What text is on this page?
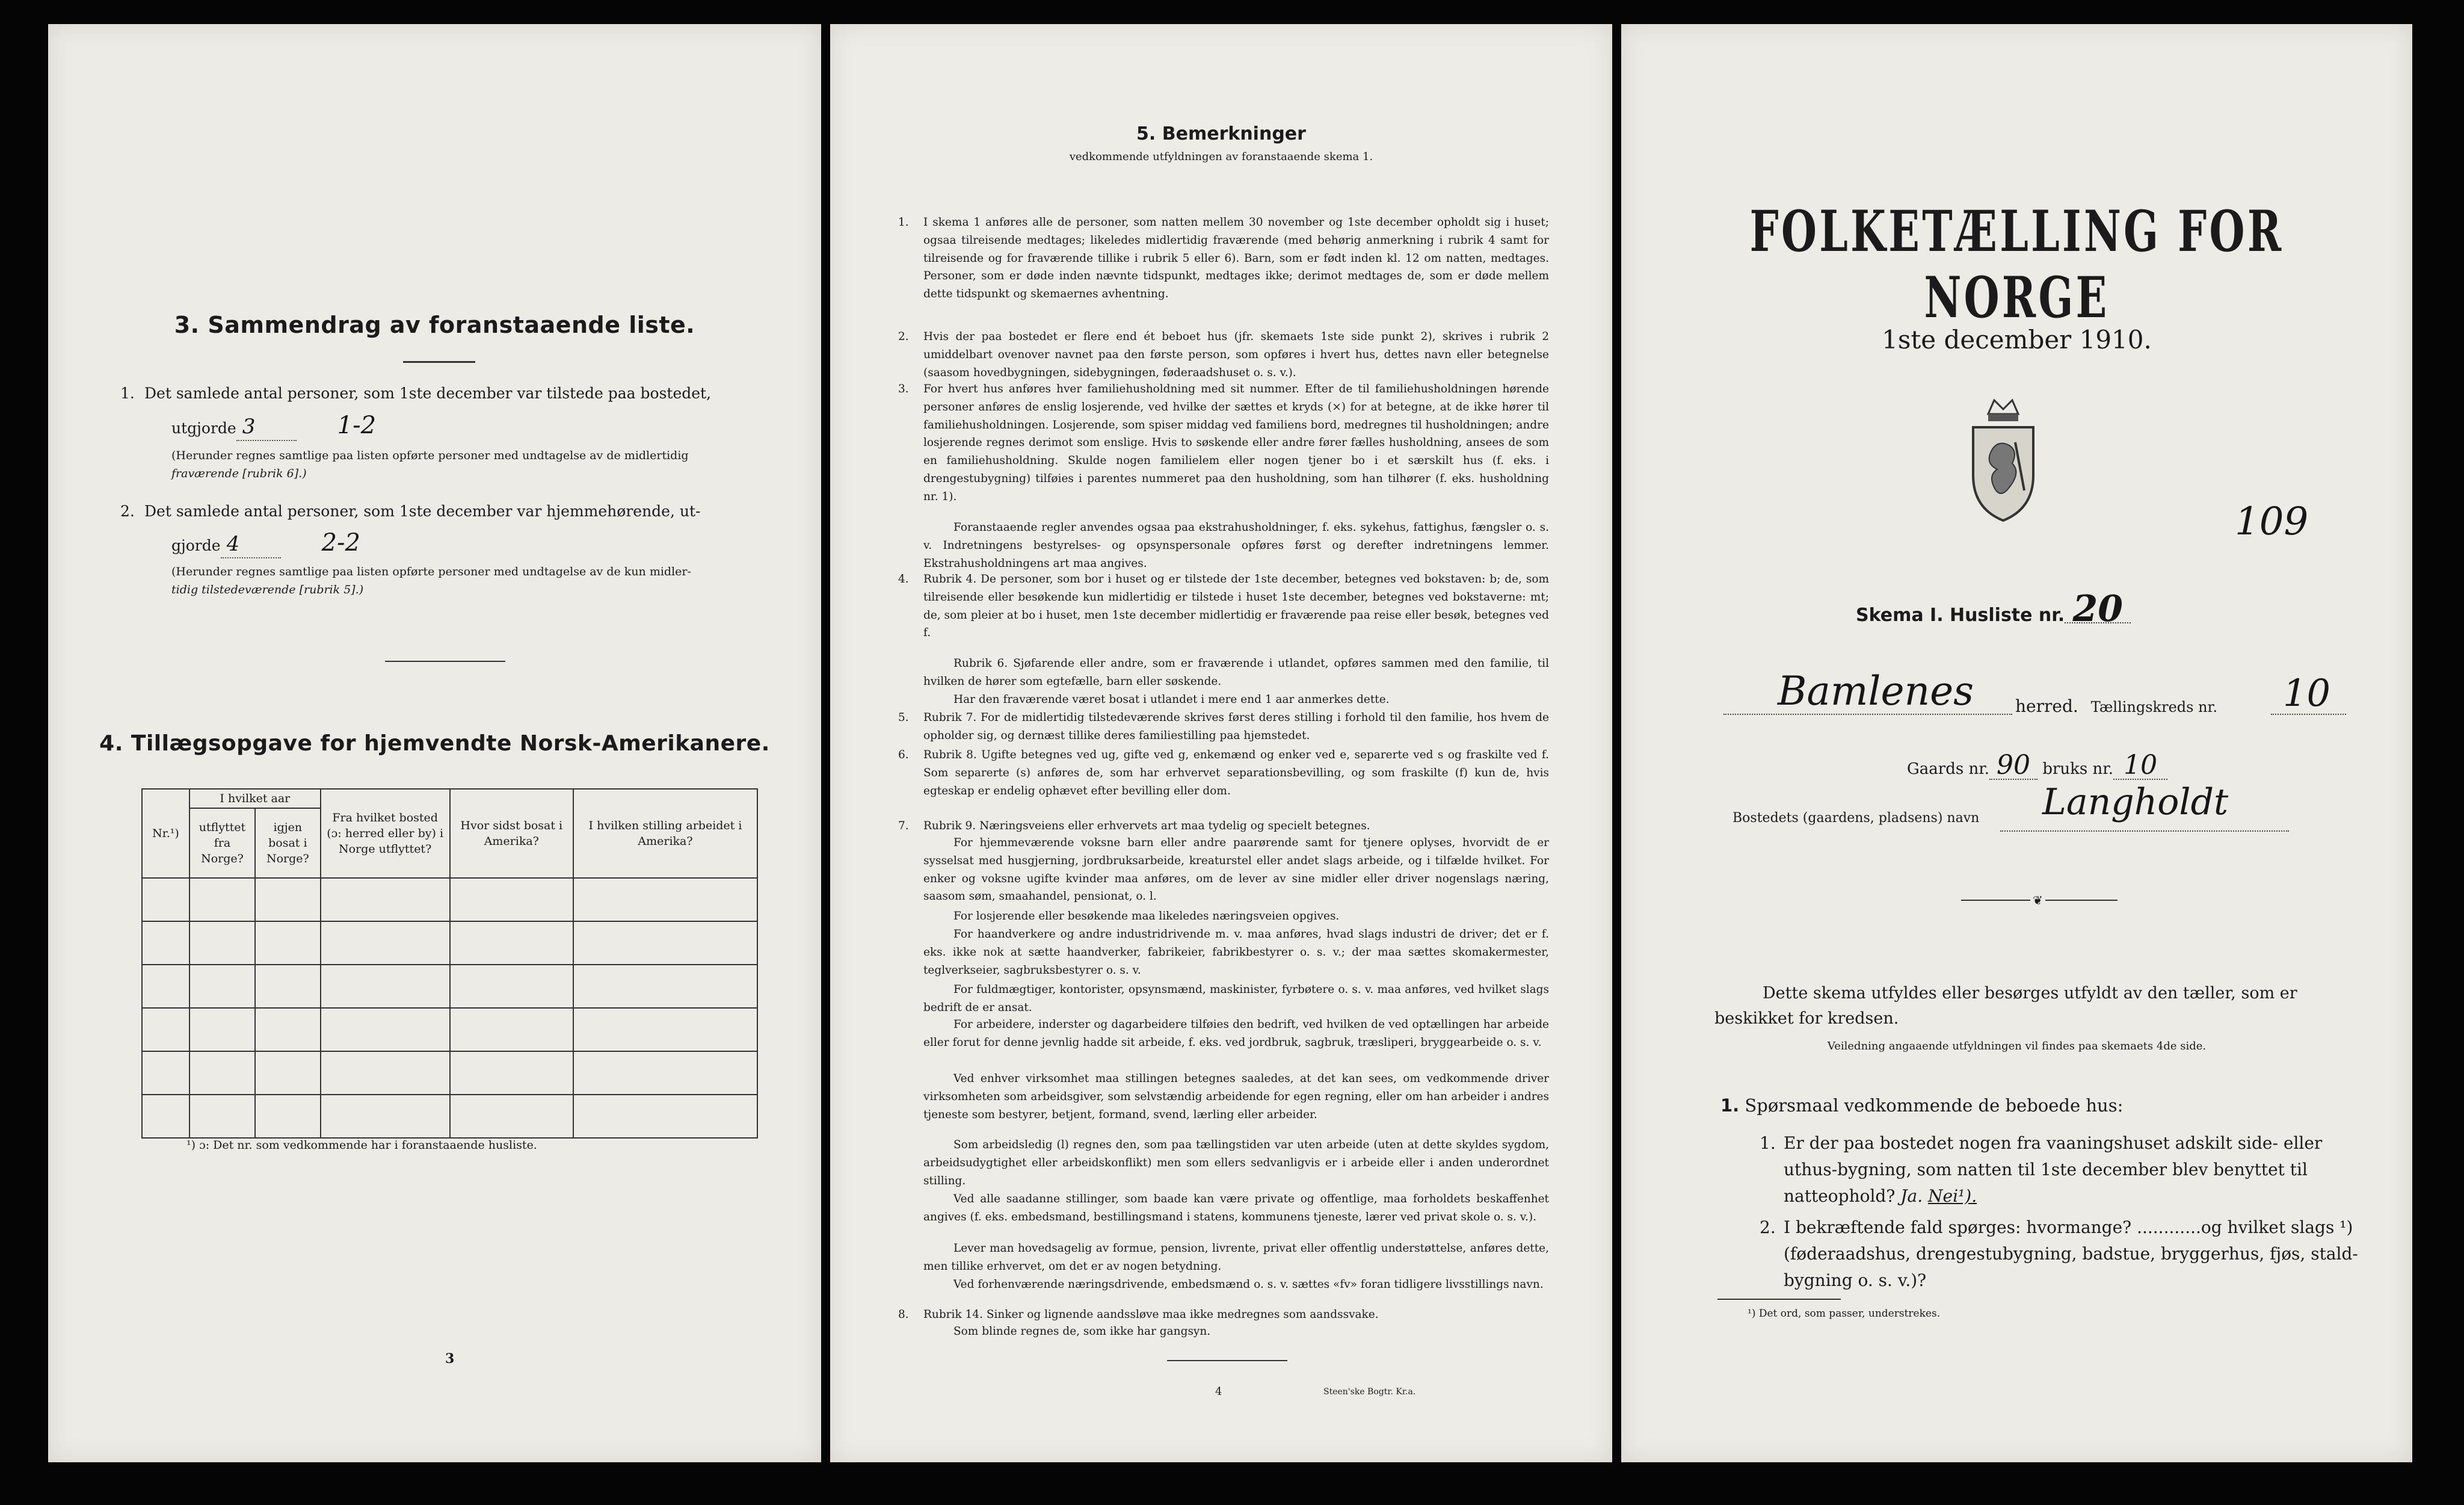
3. Sammendrag av foranstaaende liste.
1. Det samlede antal personer, som 1ste december var tilstede paa bostedet,
utgjorde 3	1-2
(Herunder regnes samtlige paa listen opførte personer med undtagelse av de midlertidig
fraværende [rubrik 6].)
2. Det samlede antal personer, som 1ste december var hjemmehørende, ut-
gjorde 4	2-2
(Herunder regnes samtlige paa listen opførte personer med undtagelse av de kun midler-
tidig tilstedeværende [rubrik 5].)
4. Tillægsopgave for hjemvendte Norsk-Amerikanere.
Nr.¹)	I hvilket aar		Fra hvilket bosted (ɔ: herred eller by) i Norge utflyttet?	Hvor sidst bosat i Amerika?	I hvilken stilling arbeidet i Amerika?
	utflyttet fra Norge?	igjen bosat i Norge?			

¹) ɔ: Det nr. som vedkommende har i foranstaaende husliste.
3
5. Bemerkninger
vedkommende utfyldningen av foranstaaende skema 1.
1. I skema 1 anføres alle de personer, som natten mellem 30 november og 1ste december opholdt sig i huset; ogsaa tilreisende medtages; likeledes midlertidig fraværende (med behørig anmerkning i rubrik 4 samt for tilreisende og for fraværende tillike i rubrik 5 eller 6). Barn, som er født inden kl. 12 om natten, medtages. Personer, som er døde inden nævnte tidspunkt, medtages ikke; derimot medtages de, som er døde mellem dette tidspunkt og skemaernes avhentning.
2. Hvis der paa bostedet er flere end ét beboet hus (jfr. skemaets 1ste side punkt 2), skrives i rubrik 2 umiddelbart ovenover navnet paa den første person, som opføres i hvert hus, dettes navn eller betegnelse (saasom hovedbygningen, sidebygningen, føderaadshuset o. s. v.).
3. For hvert hus anføres hver familiehusholdning med sit nummer. Efter de til familiehusholdningen hørende personer anføres de enslig losjerende, ved hvilke der sættes et kryds (×) for at betegne, at de ikke hører til familiehusholdningen. Losjerende, som spiser middag ved familiens bord, medregnes til husholdningen; andre losjerende regnes derimot som enslige. Hvis to søskende eller andre fører fælles husholdning, ansees de som en familiehusholdning. Skulde nogen familielem eller nogen tjener bo i et særskilt hus (f. eks. i drengestubygning) tilføies i parentes nummeret paa den husholdning, som han tilhører (f. eks. husholdning nr. 1).
Foranstaaende regler anvendes ogsaa paa ekstrahusholdninger, f. eks. sykehus, fattighus, fængsler o. s. v. Indretningens bestyrelses- og opsynspersonale opføres først og derefter indretningens lemmer. Ekstrahusholdningens art maa angives.
4. Rubrik 4. De personer, som bor i huset og er tilstede der 1ste december, betegnes ved bokstaven: b; de, som tilreisende eller besøkende kun midlertidig er tilstede i huset 1ste december, betegnes ved bokstaverne: mt; de, som pleier at bo i huset, men 1ste december midlertidig er fraværende paa reise eller besøk, betegnes ved f.
Rubrik 6. Sjøfarende eller andre, som er fraværende i utlandet, opføres sammen med den familie, til hvilken de hører som egtefælle, barn eller søskende.
Har den fraværende været bosat i utlandet i mere end 1 aar anmerkes dette.
5. Rubrik 7. For de midlertidig tilstedeværende skrives først deres stilling i forhold til den familie, hos hvem de opholder sig, og dernæst tillike deres familiestilling paa hjemstedet.
6. Rubrik 8. Ugifte betegnes ved ug, gifte ved g, enkemænd og enker ved e, separerte ved s og fraskilte ved f. Som separerte (s) anføres de, som har erhvervet separationsbevilling, og som fraskilte (f) kun de, hvis egteskap er endelig ophævet efter bevilling eller dom.
7. Rubrik 9. Næringsveiens eller erhvervets art maa tydelig og specielt betegnes.
For hjemmeværende voksne barn eller andre paarørende samt for tjenere oplyses, hvorvidt de er sysselsat med husgjerning, jordbruksarbeide, kreaturstel eller andet slags arbeide, og i tilfælde hvilket. For enker og voksne ugifte kvinder maa anføres, om de lever av sine midler eller driver nogenslags næring, saasom søm, smaahandel, pensionat, o. l.
For losjerende eller besøkende maa likeledes næringsveien opgives.
For haandverkere og andre industridrivende m. v. maa anføres, hvad slags industri de driver; det er f. eks. ikke nok at sætte haandverker, fabrikeier, fabrikbestyrer o. s. v.; der maa sættes skomakermester, teglverkseier, sagbruksbestyrer o. s. v.
For fuldmægtiger, kontorister, opsynsmænd, maskinister, fyrbøtere o. s. v. maa anføres, ved hvilket slags bedrift de er ansat.
For arbeidere, inderster og dagarbeidere tilføies den bedrift, ved hvilken de ved optællingen har arbeide eller forut for denne jevnlig hadde sit arbeide, f. eks. ved jordbruk, sagbruk, træsliperi, bryggearbeide o. s. v.
Ved enhver virksomhet maa stillingen betegnes saaledes, at det kan sees, om vedkommende driver virksomheten som arbeidsgiver, som selvstændig arbeidende for egen regning, eller om han arbeider i andres tjeneste som bestyrer, betjent, formand, svend, lærling eller arbeider.
Som arbeidsledig (l) regnes den, som paa tællingstiden var uten arbeide (uten at dette skyldes sygdom, arbeidsudygtighet eller arbeidskonflikt) men som ellers sedvanligvis er i arbeide eller i anden underordnet stilling.
Ved alle saadanne stillinger, som baade kan være private og offentlige, maa forholdets beskaffenhet angives (f. eks. embedsmand, bestillingsmand i statens, kommunens tjeneste, lærer ved privat skole o. s. v.).
Lever man hovedsagelig av formue, pension, livrente, privat eller offentlig understøttelse, anføres dette, men tillike erhvervet, om det er av nogen betydning.
Ved forhenværende næringsdrivende, embedsmænd o. s. v. sættes «fv» foran tidligere livsstillings navn.
8. Rubrik 14. Sinker og lignende aandssløve maa ikke medregnes som aandssvake.
Som blinde regnes de, som ikke har gangsyn.
4	Steen'ske Bogtr. Kr.a.
FOLKETÆLLING FOR NORGE
1ste december 1910.
109
Skema I. Husliste nr. 20
Bamlenes herred. Tællingskreds nr. 10
Gaards nr. 90 bruks nr. 10
Bostedets (gaardens, pladsens) navn Langholdt
❦
Dette skema utfyldes eller besørges utfyldt av den tæller, som er
beskikket for kredsen.
Veiledning angaaende utfyldningen vil findes paa skemaets 4de side.
1. Spørsmaal vedkommende de beboede hus:
1. Er der paa bostedet nogen fra vaaningshuset adskilt side- eller
uthus-bygning, som natten til 1ste december blev benyttet til
natteophold? Ja. Nei¹).
2. I bekræftende fald spørges: hvormange? ............og hvilket slags ¹)
(føderaadshus, drengestubygning, badstue, bryggerhus, fjøs, stald-
bygning o. s. v.)?
¹) Det ord, som passer, understrekes.
